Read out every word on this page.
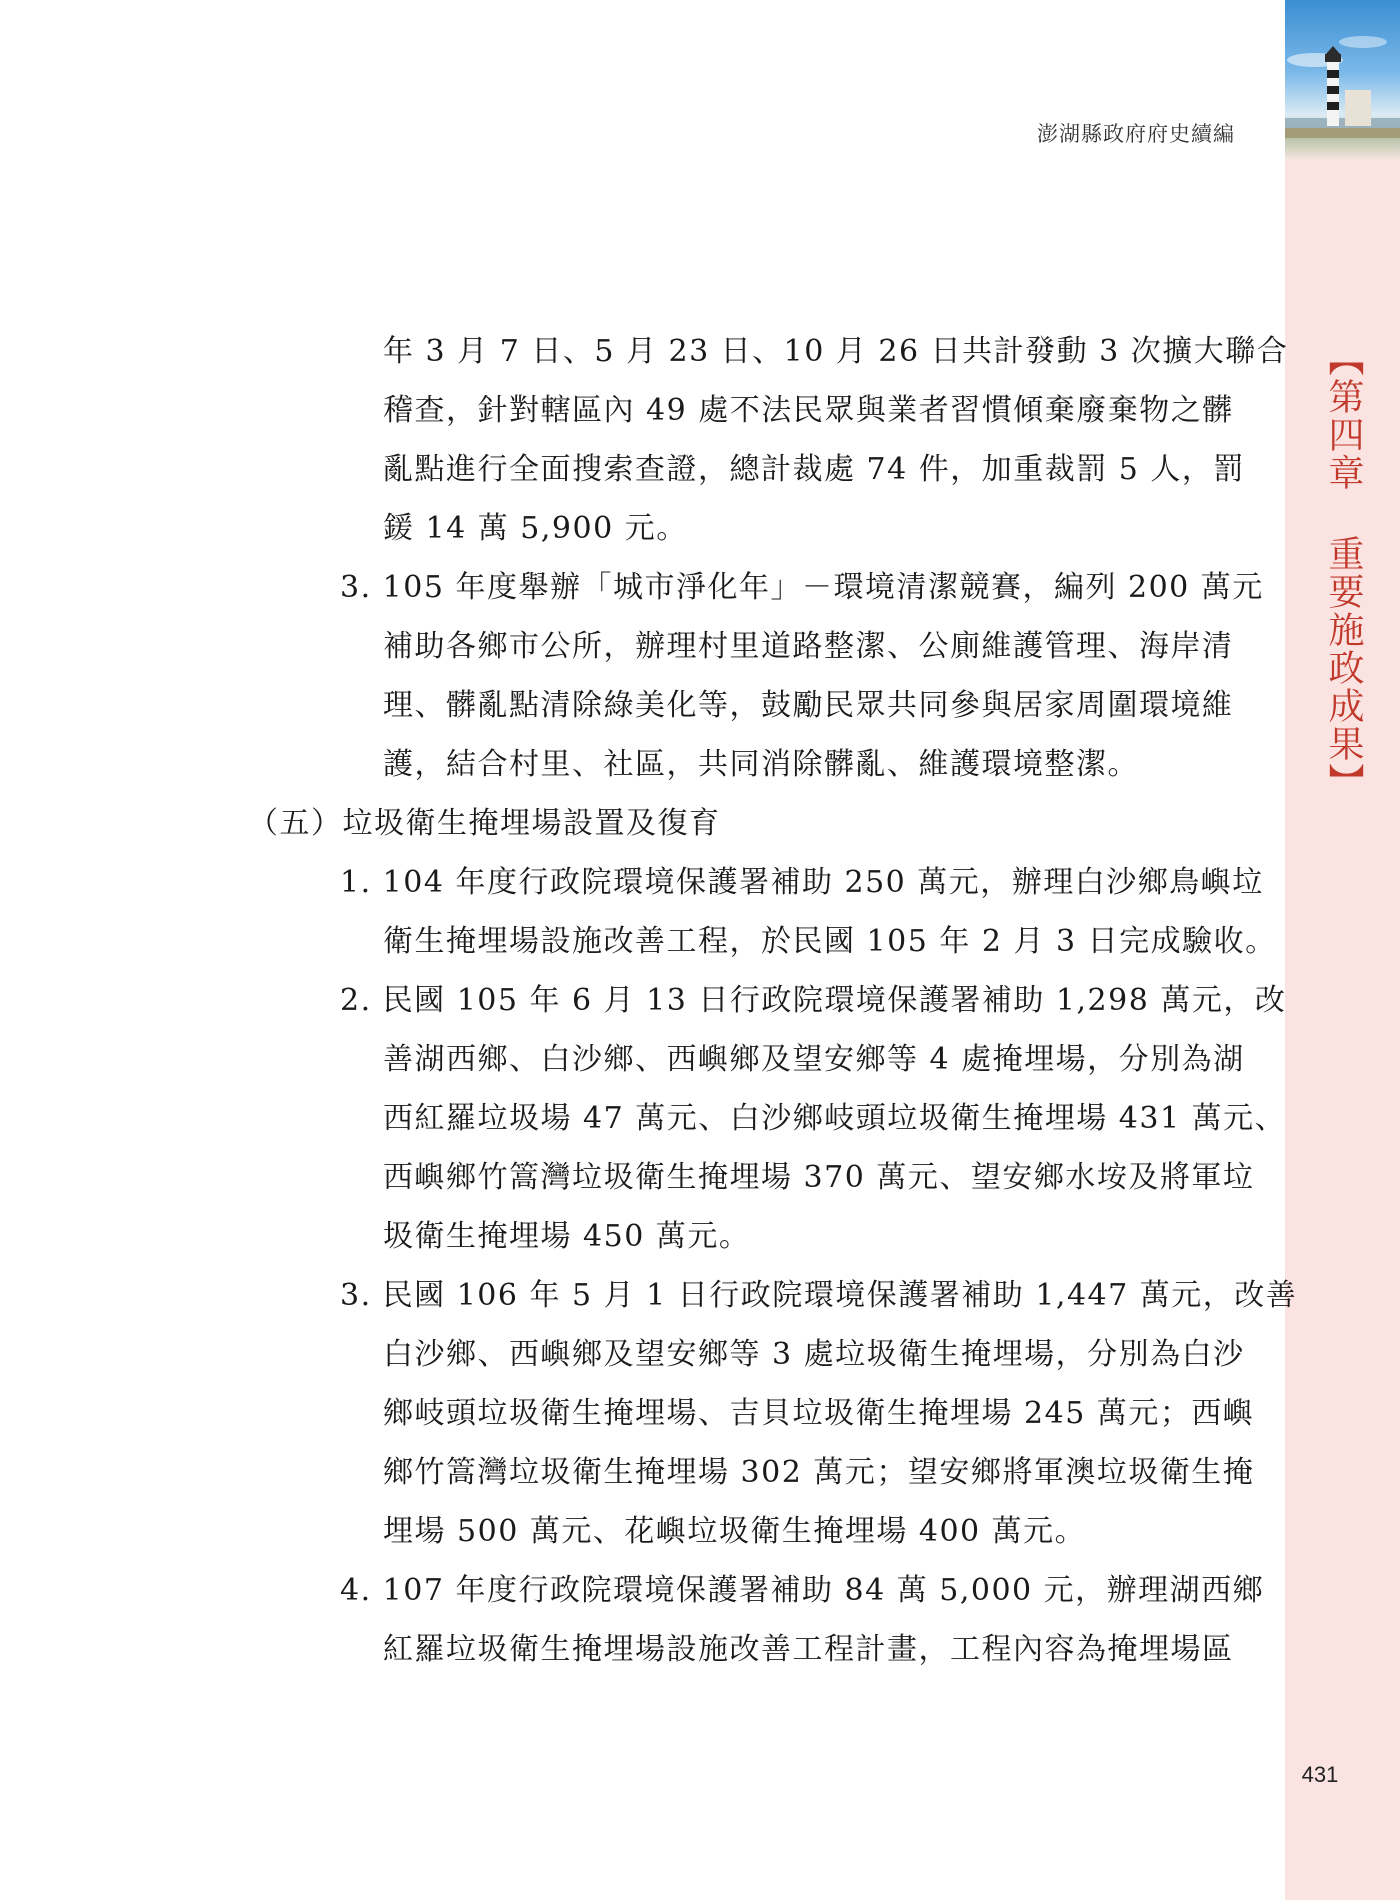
澎湖縣政府府史續編
【第四章 重要施政成果】
431
年 3 月 7 日、5 月 23 日、10 月 26 日共計發動 3 次擴大聯合
稽查，針對轄區內 49 處不法民眾與業者習慣傾棄廢棄物之髒
亂點進行全面搜索查證，總計裁處 74 件，加重裁罰 5 人，罰
鍰 14 萬 5,900 元。
3. 105 年度舉辦「城市淨化年」－環境清潔競賽，編列 200 萬元
補助各鄉市公所，辦理村里道路整潔、公廁維護管理、海岸清
理、髒亂點清除綠美化等，鼓勵民眾共同參與居家周圍環境維
護，結合村里、社區，共同消除髒亂、維護環境整潔。
（五）垃圾衛生掩埋場設置及復育
1. 104 年度行政院環境保護署補助 250 萬元，辦理白沙鄉鳥嶼垃
衛生掩埋場設施改善工程，於民國 105 年 2 月 3 日完成驗收。
2. 民國 105 年 6 月 13 日行政院環境保護署補助 1,298 萬元，改
善湖西鄉、白沙鄉、西嶼鄉及望安鄉等 4 處掩埋場，分別為湖
西紅羅垃圾場 47 萬元、白沙鄉岐頭垃圾衛生掩埋場 431 萬元、
西嶼鄉竹篙灣垃圾衛生掩埋場 370 萬元、望安鄉水垵及將軍垃
圾衛生掩埋場 450 萬元。
3. 民國 106 年 5 月 1 日行政院環境保護署補助 1,447 萬元，改善
白沙鄉、西嶼鄉及望安鄉等 3 處垃圾衛生掩埋場，分別為白沙
鄉岐頭垃圾衛生掩埋場、吉貝垃圾衛生掩埋場 245 萬元；西嶼
鄉竹篙灣垃圾衛生掩埋場 302 萬元；望安鄉將軍澳垃圾衛生掩
埋場 500 萬元、花嶼垃圾衛生掩埋場 400 萬元。
4. 107 年度行政院環境保護署補助 84 萬 5,000 元，辦理湖西鄉
紅羅垃圾衛生掩埋場設施改善工程計畫，工程內容為掩埋場區
